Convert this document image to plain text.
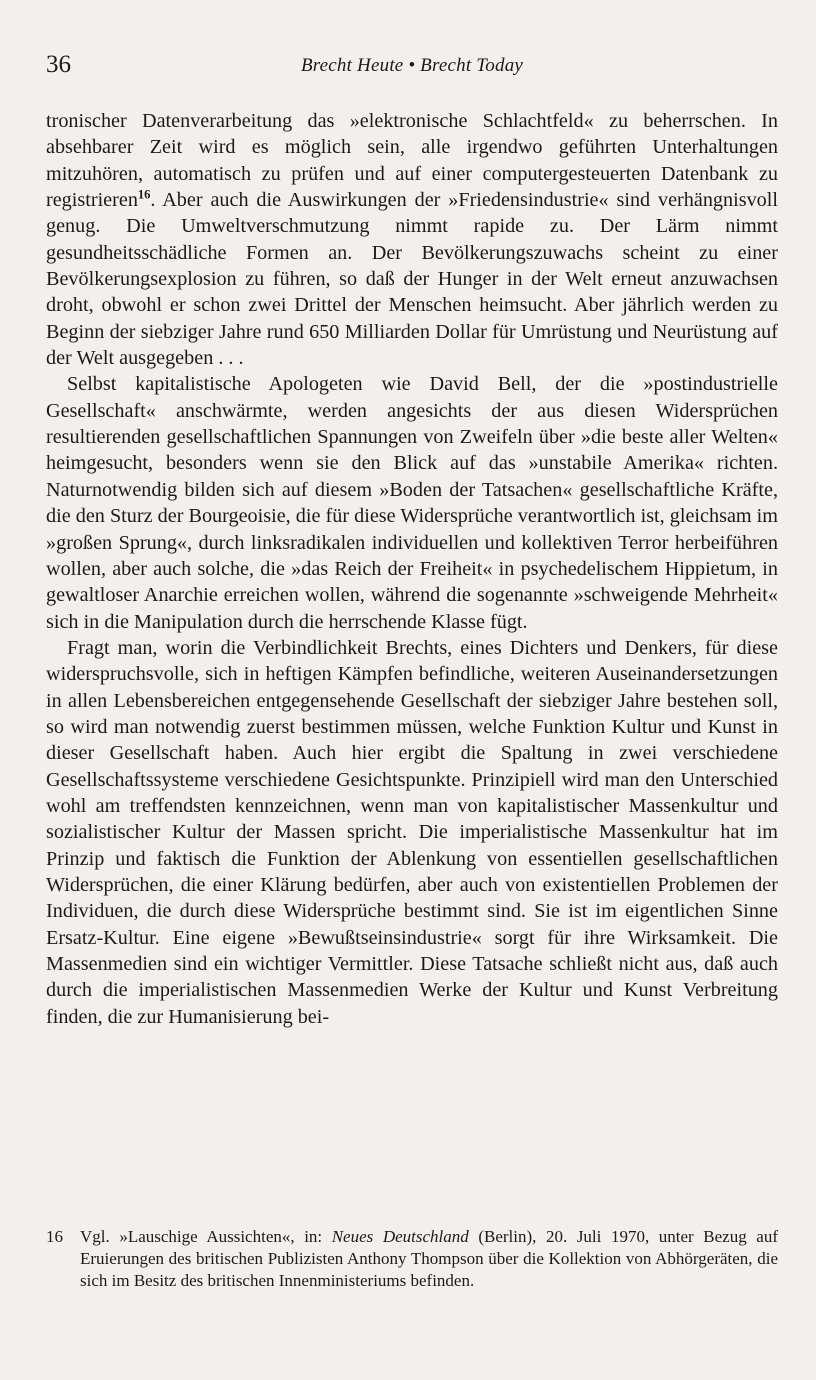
36	Brecht Heute • Brecht Today

tronischer Datenverarbeitung das »elektronische Schlachtfeld« zu beherrschen. In absehbarer Zeit wird es möglich sein, alle irgendwo geführten Unterhaltungen mitzuhören, automatisch zu prüfen und auf einer computergesteuerten Datenbank zu registrieren$^{16}$. Aber auch die Auswirkungen der »Friedensindustrie« sind verhängnisvoll genug. Die Umweltverschmutzung nimmt rapide zu. Der Lärm nimmt gesundheitsschädliche Formen an. Der Bevölkerungszuwachs scheint zu einer Bevölkerungsexplosion zu führen, so daß der Hunger in der Welt erneut anzuwachsen droht, obwohl er schon zwei Drittel der Menschen heimsucht. Aber jährlich werden zu Beginn der siebziger Jahre rund 650 Milliarden Dollar für Umrüstung und Neurüstung auf der Welt ausgegeben . . .

Selbst kapitalistische Apologeten wie David Bell, der die »postindustrielle Gesellschaft« anschwärmte, werden angesichts der aus diesen Widersprüchen resultierenden gesellschaftlichen Spannungen von Zweifeln über »die beste aller Welten« heimgesucht, besonders wenn sie den Blick auf das »unstabile Amerika« richten. Naturnotwendig bilden sich auf diesem »Boden der Tatsachen« gesellschaftliche Kräfte, die den Sturz der Bourgeoisie, die für diese Widersprüche verantwortlich ist, gleichsam im »großen Sprung«, durch linksradikalen individuellen und kollektiven Terror herbeiführen wollen, aber auch solche, die »das Reich der Freiheit« in psychedelischem Hippietum, in gewaltloser Anarchie erreichen wollen, während die sogenannte »schweigende Mehrheit« sich in die Manipulation durch die herrschende Klasse fügt.

Fragt man, worin die Verbindlichkeit Brechts, eines Dichters und Denkers, für diese widerspruchsvolle, sich in heftigen Kämpfen befindliche, weiteren Auseinandersetzungen in allen Lebensbereichen entgegensehende Gesellschaft der siebziger Jahre bestehen soll, so wird man notwendig zuerst bestimmen müssen, welche Funktion Kultur und Kunst in dieser Gesellschaft haben. Auch hier ergibt die Spaltung in zwei verschiedene Gesellschaftssysteme verschiedene Gesichtspunkte. Prinzipiell wird man den Unterschied wohl am treffendsten kennzeichnen, wenn man von kapitalistischer Massenkultur und sozialistischer Kultur der Massen spricht. Die imperialistische Massenkultur hat im Prinzip und faktisch die Funktion der Ablenkung von essentiellen gesellschaftlichen Widersprüchen, die einer Klärung bedürfen, aber auch von existentiellen Problemen der Individuen, die durch diese Widersprüche bestimmt sind. Sie ist im eigentlichen Sinne Ersatz-Kultur. Eine eigene »Bewußtseinsindustrie« sorgt für ihre Wirksamkeit. Die Massenmedien sind ein wichtiger Vermittler. Diese Tatsache schließt nicht aus, daß auch durch die imperialistischen Massenmedien Werke der Kultur und Kunst Verbreitung finden, die zur Humanisierung bei-

16	Vgl. »Lauschige Aussichten«, in: Neues Deutschland (Berlin), 20. Juli 1970, unter Bezug auf Eruierungen des britischen Publizisten Anthony Thompson über die Kollektion von Abhörgeräten, die sich im Besitz des britischen Innenministeriums befinden.
